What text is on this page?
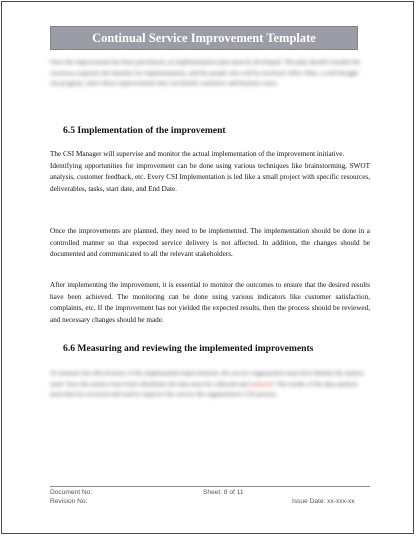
Continual Service Improvement Template
Once the improvement has been prioritized, an implementation plan must be developed. The plan should consider the resources required, the timeline for implementation, and the people who will be involved. Who? Plan, a well thought out program, select those improvements that can benefit customers and business users.
6.5 Implementation of the improvement

The CSI Manager will supervise and monitor the actual implementation of the improvement initiative.

Identifying opportunities for improvement can be done using various techniques like brainstorming, SWOT analysis, customer feedback, etc. Every CSI Implementation is led like a small project with specific resources, deliverables, tasks, start date, and End Date.

Once the improvements are planned, they need to be implemented. The implementation should be done in a controlled manner so that expected service delivery is not affected. In addition, the changes should be documented and communicated to all the relevant stakeholders.

After implementing the improvement, it is essential to monitor the outcomes to ensure that the desired results have been achieved. The monitoring can be done using various indicators like customer satisfaction, complaints, etc. If the improvement has not yielded the expected results, then the process should be reviewed, and necessary changes should be made.

6.6 Measuring and reviewing the implemented improvements
To measure the effectiveness of the implemented improvements, the service organization must first identify the metrics used. Once the metrics have been identified, the data must be collected and analyzed. The results of the data analysis must then be reviewed and used to improve the service the organization's CSI process.
Document No:
Revision No:
Sheet: 8 of 11
Issue Date: xx-xxx-xx
